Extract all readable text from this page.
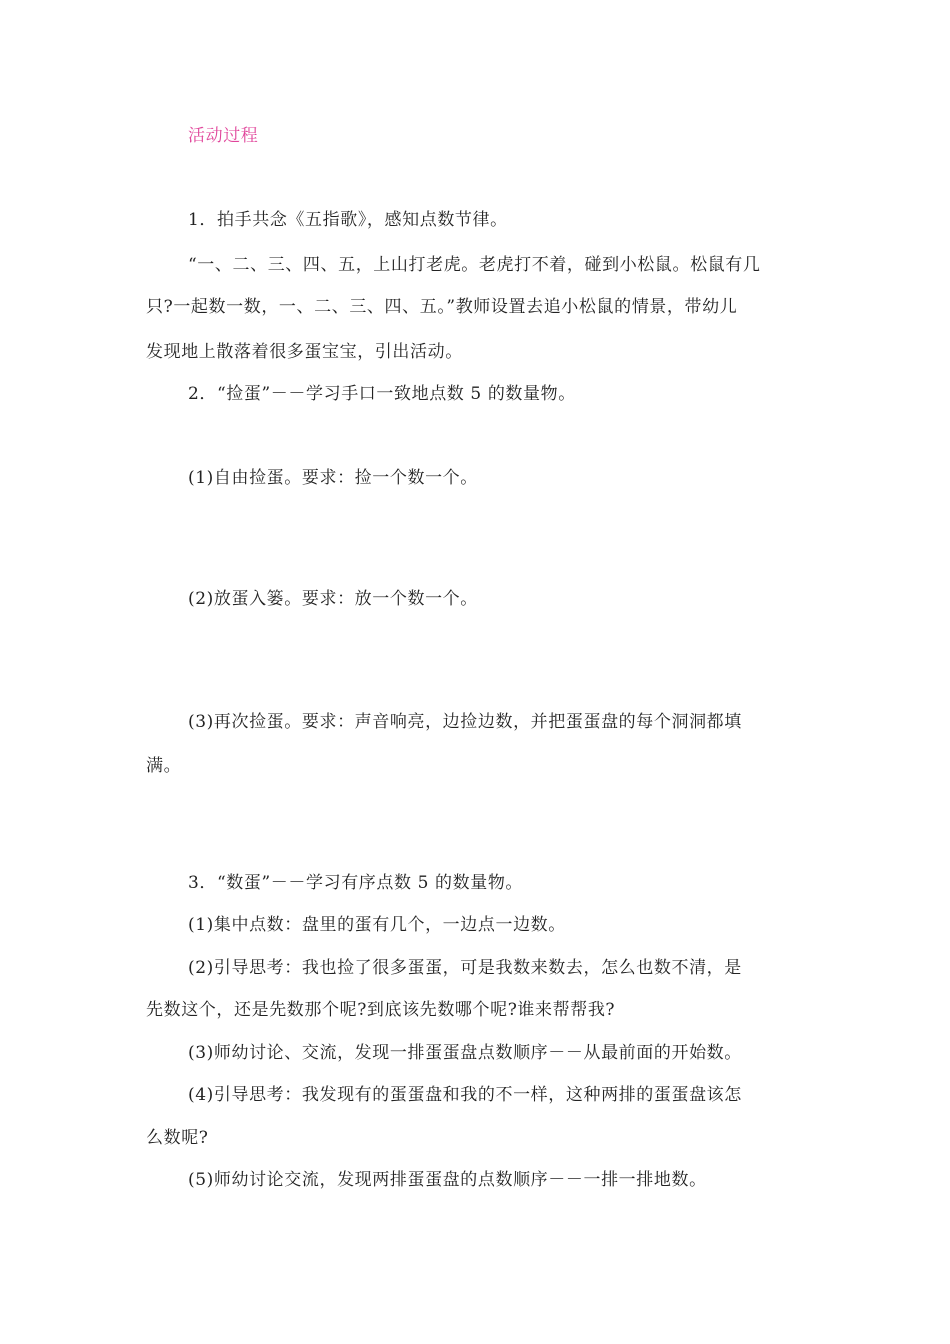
活动过程
1．拍手共念《五指歌》，感知点数节律。
“一、二、三、四、五，上山打老虎。老虎打不着，碰到小松鼠。松鼠有几
只?一起数一数，一、二、三、四、五。”教师设置去追小松鼠的情景，带幼儿
发现地上散落着很多蛋宝宝，引出活动。
2．“捡蛋”－－学习手口一致地点数 5 的数量物。
(1)自由捡蛋。要求：捡一个数一个。
(2)放蛋入篓。要求：放一个数一个。
(3)再次捡蛋。要求：声音响亮，边捡边数，并把蛋蛋盘的每个洞洞都填
满。
3．“数蛋”－－学习有序点数 5 的数量物。
(1)集中点数：盘里的蛋有几个，一边点一边数。
(2)引导思考：我也捡了很多蛋蛋，可是我数来数去，怎么也数不清，是
先数这个，还是先数那个呢?到底该先数哪个呢?谁来帮帮我?
(3)师幼讨论、交流，发现一排蛋蛋盘点数顺序－－从最前面的开始数。
(4)引导思考：我发现有的蛋蛋盘和我的不一样，这种两排的蛋蛋盘该怎
么数呢?
(5)师幼讨论交流，发现两排蛋蛋盘的点数顺序－－一排一排地数。
